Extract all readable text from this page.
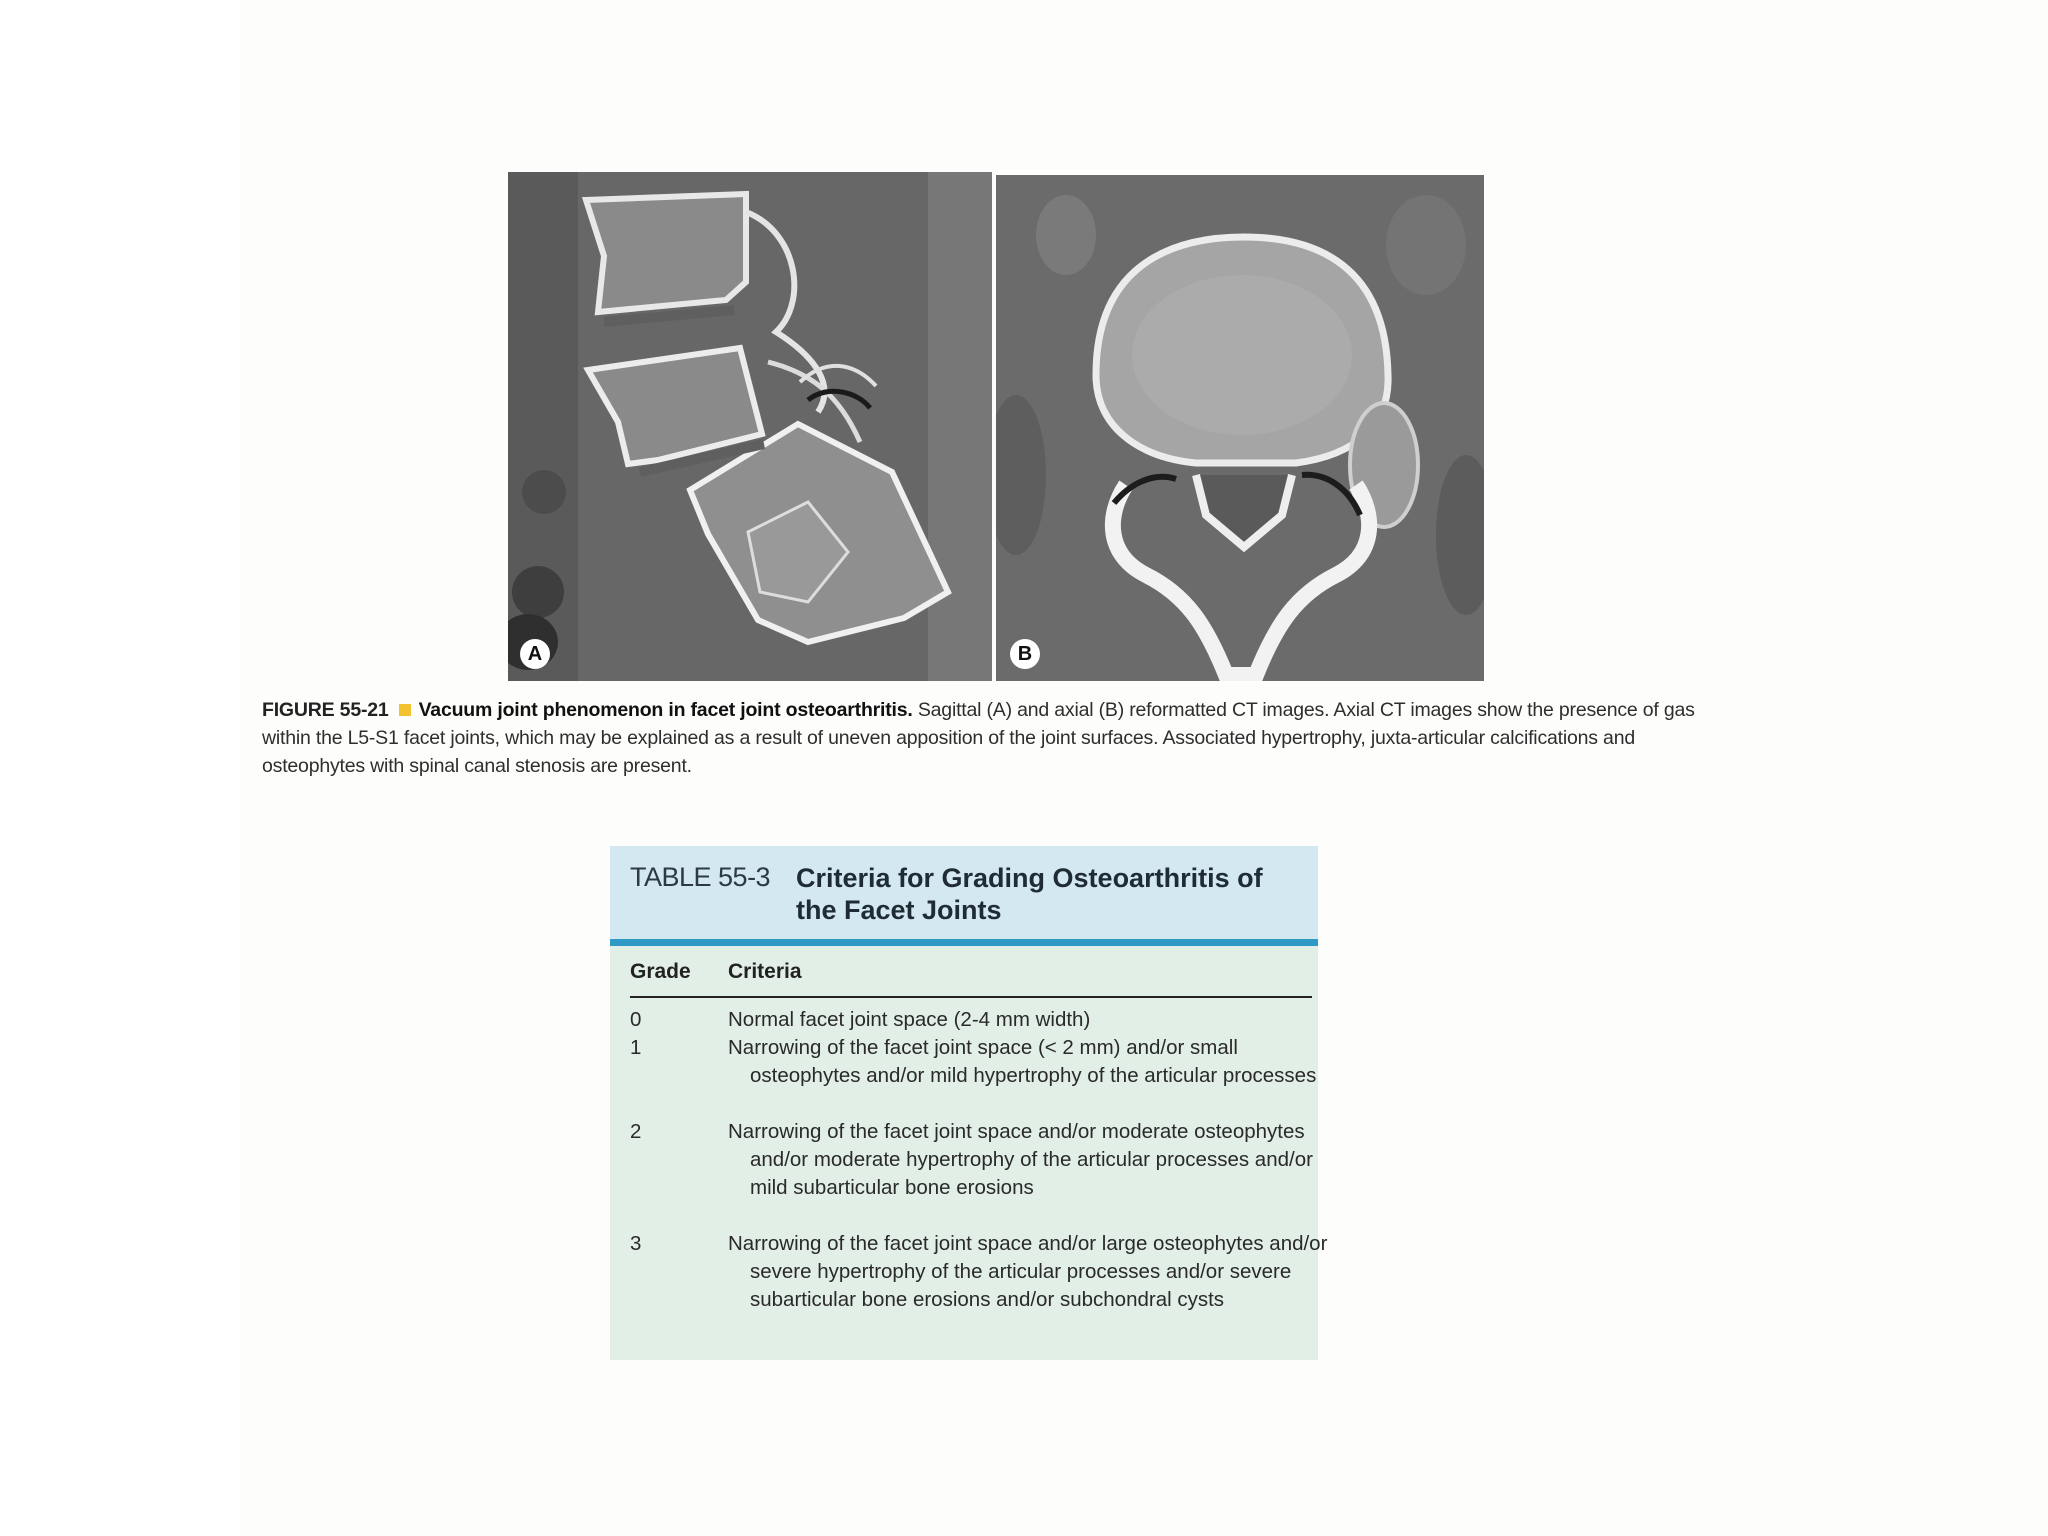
A	B
FIGURE 55-21 Vacuum joint phenomenon in facet joint osteoarthritis. Sagittal (A) and axial (B) reformatted CT images. Axial CT images show the presence of gas within the L5-S1 facet joints, which may be explained as a result of uneven apposition of the joint surfaces. Associated hypertrophy, juxta-articular calcifications and osteophytes with spinal canal stenosis are present.
TABLE 55-3 Criteria for Grading Osteoarthritis of the Facet Joints
Grade Criteria
0	Normal facet joint space (2-4 mm width)
1	Narrowing of the facet joint space (< 2 mm) and/or small osteophytes and/or mild hypertrophy of the articular processes
2	Narrowing of the facet joint space and/or moderate osteophytes and/or moderate hypertrophy of the articular processes and/or mild subarticular bone erosions
3	Narrowing of the facet joint space and/or large osteophytes and/or severe hypertrophy of the articular processes and/or severe subarticular bone erosions and/or subchondral cysts
